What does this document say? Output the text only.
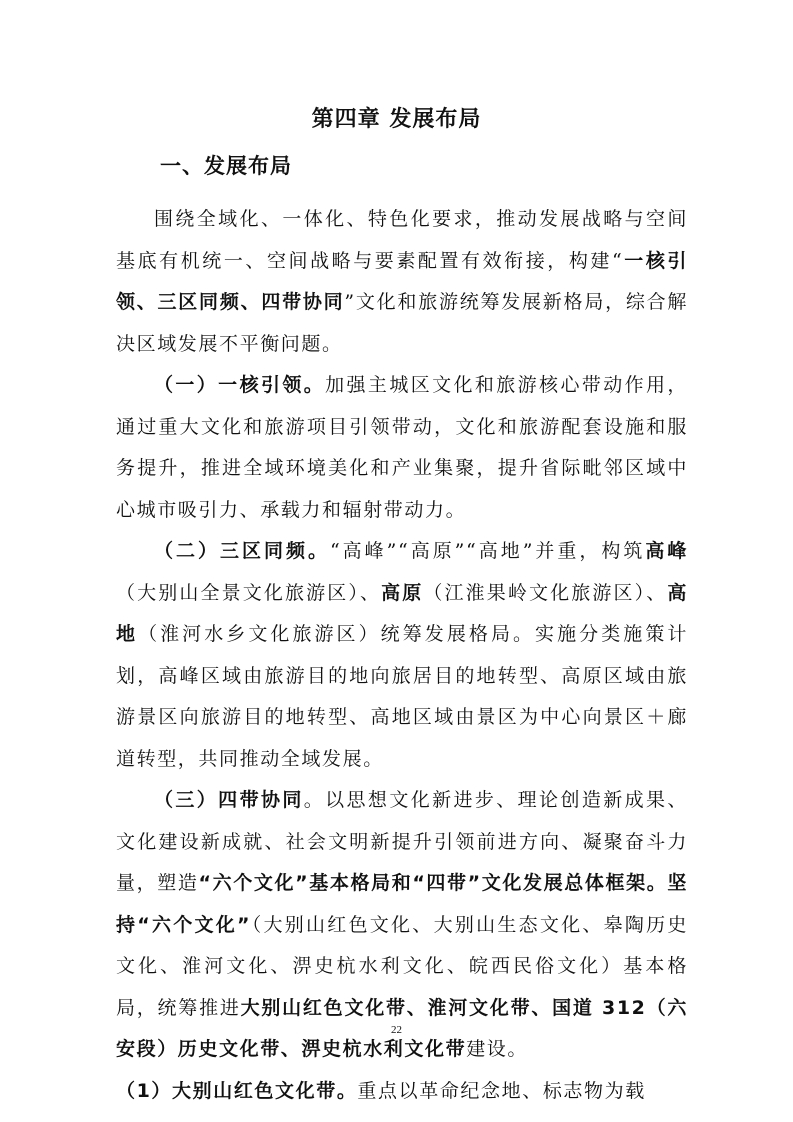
第四章 发展布局
一、发展布局

围绕全域化、一体化、特色化要求，推动发展战略与空间基底有机统一、空间战略与要素配置有效衔接，构建“一核引领、三区同频、四带协同”文化和旅游统筹发展新格局，综合解决区域发展不平衡问题。

（一）一核引领。加强主城区文化和旅游核心带动作用，通过重大文化和旅游项目引领带动，文化和旅游配套设施和服务提升，推进全域环境美化和产业集聚，提升省际毗邻区域中心城市吸引力、承载力和辐射带动力。

（二）三区同频。“高峰”“高原”“高地”并重，构筑高峰（大别山全景文化旅游区）、高原（江淮果岭文化旅游区）、高地（淮河水乡文化旅游区）统筹发展格局。实施分类施策计划，高峰区域由旅游目的地向旅居目的地转型、高原区域由旅游景区向旅游目的地转型、高地区域由景区为中心向景区＋廊道转型，共同推动全域发展。

（三）四带协同。以思想文化新进步、理论创造新成果、文化建设新成就、社会文明新提升引领前进方向、凝聚奋斗力量，塑造“六个文化”基本格局和“四带”文化发展总体框架。坚持“六个文化”（大别山红色文化、大别山生态文化、皋陶历史文化、淮河文化、淠史杭水利文化、皖西民俗文化）基本格局，统筹推进大别山红色文化带、淮河文化带、国道 312（六安段）历史文化带、淠史杭水利文化带建设。

（1）大别山红色文化带。重点以革命纪念地、标志物为载

22
